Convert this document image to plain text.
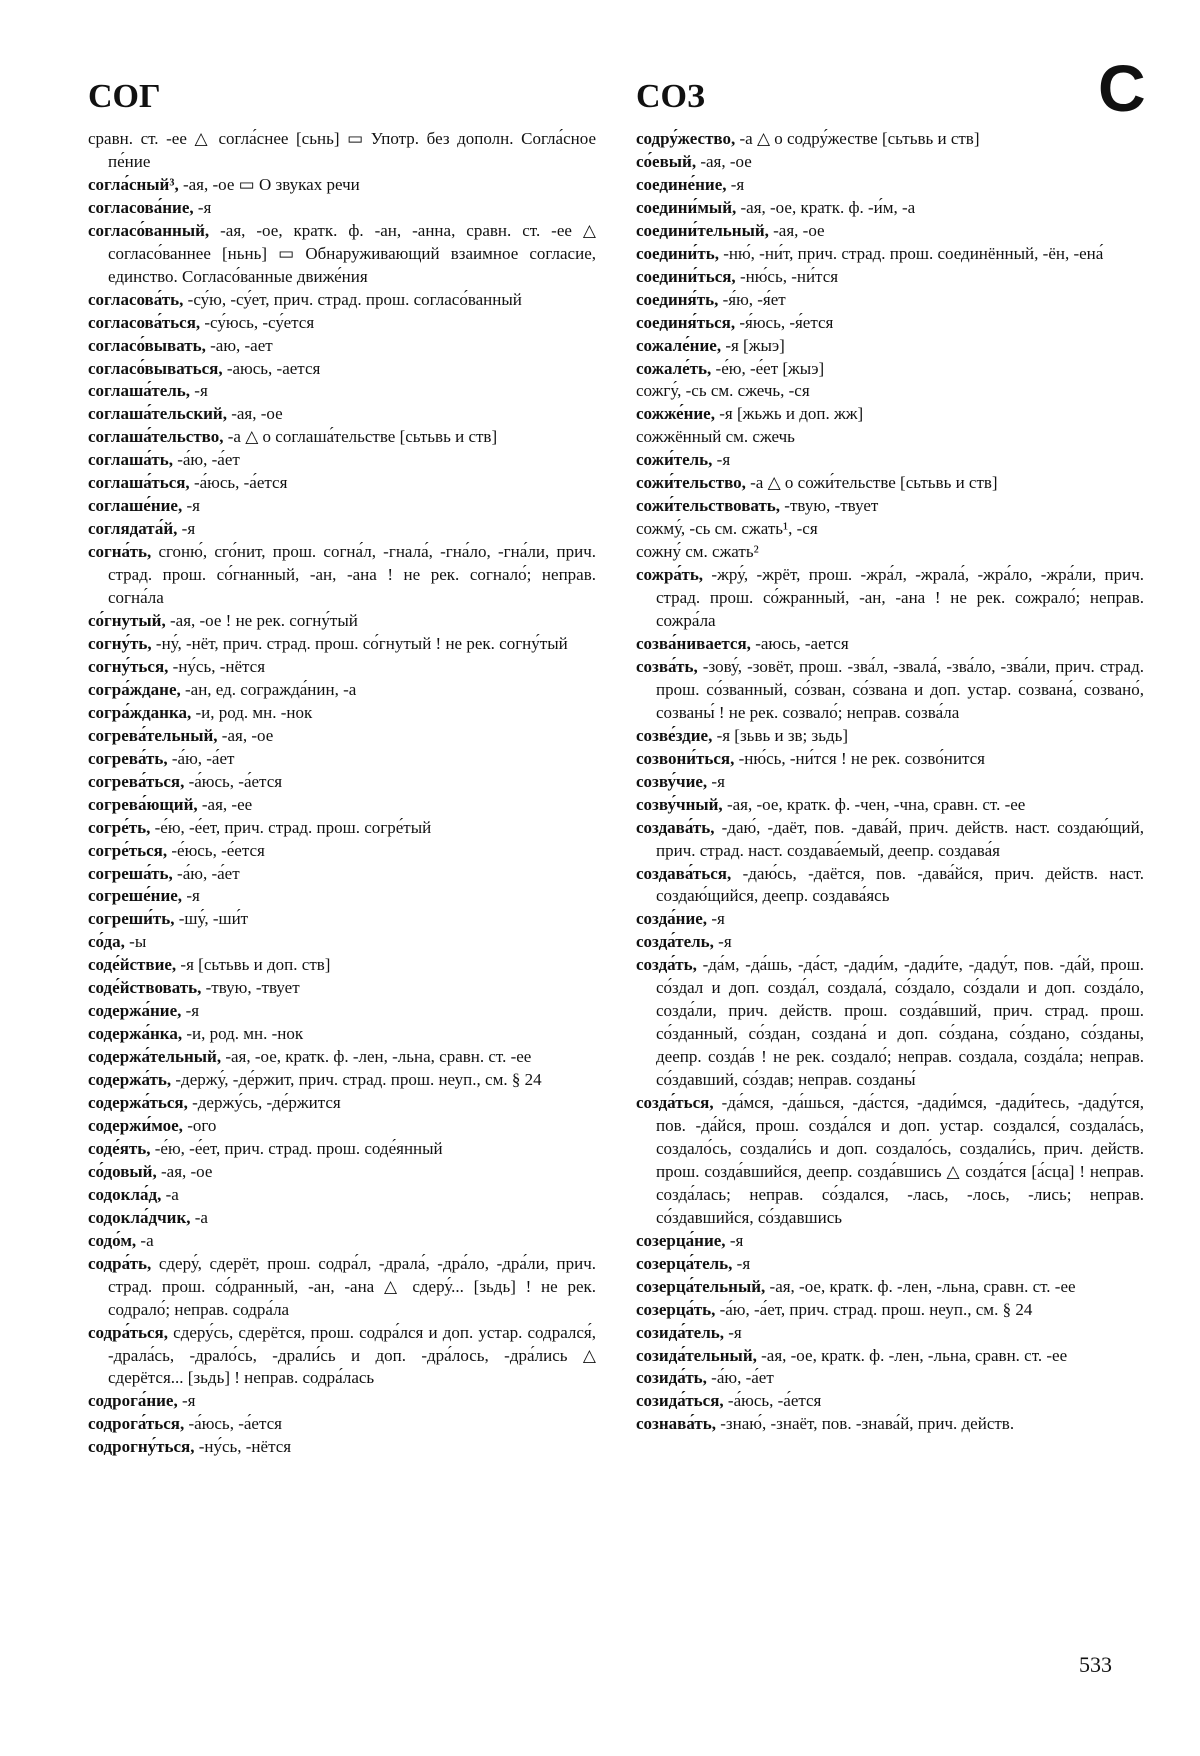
СОГ	СОЗ	С

сравн. ст. -ее △ согла́снее [сьнь] ▭ Употр. без дополн. Согла́сное пе́ние

согла́сный³, -ая, -ое ▭ О звуках речи

согласова́ние, -я

согласо́ванный, -ая, -ое, кратк. ф. -ан, -анна, сравн. ст. -ее △ согласо́ваннее [ньнь] ▭ Обнаруживающий взаимное согласие, единство. Согласо́ванные движе́ния

согласова́ть, -су́ю, -су́ет, прич. страд. прош. согласо́ванный

согласова́ться, -су́юсь, -су́ется

согласо́вывать, -аю, -ает

согласо́вываться, -аюсь, -ается

соглаша́тель, -я

соглаша́тельский, -ая, -ое

соглаша́тельство, -а △ о соглаша́тельстве [сьтьвь и ств]

соглаша́ть, -а́ю, -а́ет

соглаша́ться, -а́юсь, -а́ется

соглаше́ние, -я

соглядата́й, -я

согна́ть, сгоню́, сго́нит, прош. согна́л, -гнала́, -гна́ло, -гна́ли, прич. страд. прош. со́гнанный, -ан, -ана ! не рек. согнало́; неправ. согна́ла

со́гнутый, -ая, -ое ! не рек. согну́тый

согну́ть, -ну́, -нёт, прич. страд. прош. со́гнутый ! не рек. согну́тый

согну́ться, -ну́сь, -нётся

согра́ждане, -ан, ед. согражда́нин, -а

согра́жданка, -и, род. мн. -нок

согрева́тельный, -ая, -ое

согрева́ть, -а́ю, -а́ет

согрева́ться, -а́юсь, -а́ется

согрева́ющий, -ая, -ее

согре́ть, -е́ю, -е́ет, прич. страд. прош. согре́тый

согре́ться, -е́юсь, -е́ется

согреша́ть, -а́ю, -а́ет

согреше́ние, -я

согреши́ть, -шу́, -ши́т

со́да, -ы

соде́йствие, -я [сьтьвь и доп. ств]

соде́йствовать, -твую, -твует

содержа́ние, -я

содержа́нка, -и, род. мн. -нок

содержа́тельный, -ая, -ое, кратк. ф. -лен, -льна, сравн. ст. -ее

содержа́ть, -держу́, -де́ржит, прич. страд. прош. неуп., см. § 24

содержа́ться, -держу́сь, -де́ржится

содержи́мое, -ого

соде́ять, -е́ю, -е́ет, прич. страд. прош. соде́янный

со́довый, -ая, -ое

содокла́д, -а

содокла́дчик, -а

содо́м, -а

содра́ть, сдеру́, сдерёт, прош. содра́л, -драла́, -дра́ло, -дра́ли, прич. страд. прош. со́дранный, -ан, -ана △ сдеру́... [зьдь] ! не рек. содрало́; неправ. содра́ла

содра́ться, сдеру́сь, сдерётся, прош. содра́лся и доп. устар. содрался́, -драла́сь, -драло́сь, -драли́сь и доп. -дра́лось, -дра́лись △ сдерётся... [зьдь] ! неправ. содра́лась

содрога́ние, -я

содрога́ться, -а́юсь, -а́ется

содрогну́ться, -ну́сь, -нётся

содру́жество, -а △ о содру́жестве [сьтьвь и ств]

со́евый, -ая, -ое

соедине́ние, -я

соедини́мый, -ая, -ое, кратк. ф. -и́м, -а

соедини́тельный, -ая, -ое

соедини́ть, -ню́, -ни́т, прич. страд. прош. соединённый, -ён, -ена́

соедини́ться, -ню́сь, -ни́тся

соединя́ть, -я́ю, -я́ет

соединя́ться, -я́юсь, -я́ется

сожале́ние, -я [жыэ]

сожале́ть, -е́ю, -е́ет [жыэ]

сожгу́, -сь см. сжечь, -ся

сожже́ние, -я [жьжь и доп. жж]

сожжённый см. сжечь

сожи́тель, -я

сожи́тельство, -а △ о сожи́тельстве [сьтьвь и ств]

сожи́тельствовать, -твую, -твует

сожму́, -сь см. сжать¹, -ся

сожну́ см. сжать²

сожра́ть, -жру́, -жрёт, прош. -жра́л, -жрала́, -жра́ло, -жра́ли, прич. страд. прош. со́жранный, -ан, -ана ! не рек. сожрало́; неправ. сожра́ла

созва́нивается, -аюсь, -ается

созва́ть, -зову́, -зовёт, прош. -зва́л, -звала́, -зва́ло, -зва́ли, прич. страд. прош. со́званный, со́зван, со́звана и доп. устар. созвана́, созвано́, созваны́ ! не рек. созвало́; неправ. созва́ла

созве́здие, -я [зьвь и зв; зьдь]

созвони́ться, -ню́сь, -ни́тся ! не рек. созво́нится

созву́чие, -я

созву́чный, -ая, -ое, кратк. ф. -чен, -чна, сравн. ст. -ее

создава́ть, -даю́, -даёт, пов. -дава́й, прич. действ. наст. создаю́щий, прич. страд. наст. создава́емый, деепр. создава́я

создава́ться, -даю́сь, -даётся, пов. -дава́йся, прич. действ. наст. создаю́щийся, деепр. создава́ясь

созда́ние, -я

созда́тель, -я

созда́ть, -да́м, -да́шь, -да́ст, -дади́м, -дади́те, -даду́т, пов. -да́й, прош. со́здал и доп. созда́л, создала́, со́здало, со́здали и доп. созда́ло, созда́ли, прич. действ. прош. созда́вший, прич. страд. прош. со́зданный, со́здан, создана́ и доп. со́здана, со́здано, со́зданы, деепр. созда́в ! не рек. создало́; неправ. создала, созда́ла; неправ. со́здавший, со́здав; неправ. созданы́

созда́ться, -да́мся, -да́шься, -да́стся, -дади́мся, -дади́тесь, -даду́тся, пов. -да́йся, прош. созда́лся и доп. устар. создался́, создала́сь, создало́сь, создали́сь и доп. создало́сь, создали́сь, прич. действ. прош. созда́вшийся, деепр. созда́вшись △ созда́тся [а́сца] ! неправ. созда́лась; неправ. со́здался, -лась, -лось, -лись; неправ. со́здавшийся, со́здавшись

созерца́ние, -я

созерца́тель, -я

созерца́тельный, -ая, -ое, кратк. ф. -лен, -льна, сравн. ст. -ее

созерца́ть, -а́ю, -а́ет, прич. страд. прош. неуп., см. § 24

созида́тель, -я

созида́тельный, -ая, -ое, кратк. ф. -лен, -льна, сравн. ст. -ее

созида́ть, -а́ю, -а́ет

созида́ться, -а́юсь, -а́ется

сознава́ть, -знаю́, -знаёт, пов. -знава́й, прич. действ.

533
